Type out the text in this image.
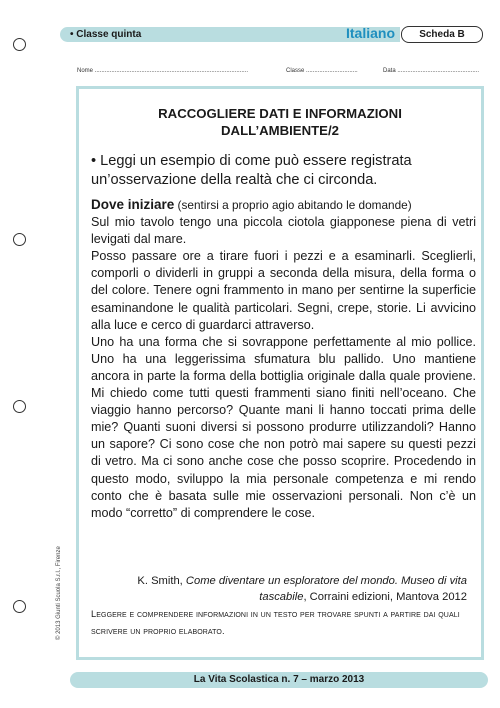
• Classe quinta	Italiano	Scheda B
Nome ............................................................................................	Classe ...............................	Data .................................................
RACCOGLIERE DATI E INFORMAZIONI
DALL’AMBIENTE/2
• Leggi un esempio di come può essere registrata un’osservazione della realtà che ci circonda.

Dove iniziare (sentirsi a proprio agio abitando le domande)

Sul mio tavolo tengo una piccola ciotola giapponese piena di vetri levigati dal mare.

Posso passare ore a tirare fuori i pezzi e a esaminarli. Sceglierli, comporli o dividerli in gruppi a seconda della misura, della forma o del colore. Tenere ogni frammento in mano per sentirne la superficie esaminandone le qualità particolari. Segni, crepe, storie. Li avvicino alla luce e cerco di guardarci attraverso.

Uno ha una forma che si sovrappone perfettamente al mio pollice. Uno ha una leggerissima sfumatura blu pallido. Uno mantiene ancora in parte la forma della bottiglia originale dalla quale proviene. Mi chiedo come tutti questi frammenti siano finiti nell’oceano. Che viaggio hanno percorso? Quante mani li hanno toccati prima delle mie? Quanti suoni diversi si possono produrre utilizzandoli? Hanno un sapore? Ci sono cose che non potrò mai sapere su questi pezzi di vetro. Ma ci sono anche cose che posso scoprire. Procedendo in questo modo, sviluppo la mia personale competenza e mi rendo conto che è basata sulle mie osservazioni personali. Non c’è un modo “corretto” di comprendere le cose.

K. Smith, Come diventare un esploratore del mondo. Museo di vita tascabile, Corraini edizioni, Mantova 2012
Leggere e comprendere informazioni in un testo per trovare spunti a partire dai quali scrivere un proprio elaborato.
© 2013 Giunti Scuola S.r.l., Firenze
La Vita Scolastica n. 7 – marzo 2013
